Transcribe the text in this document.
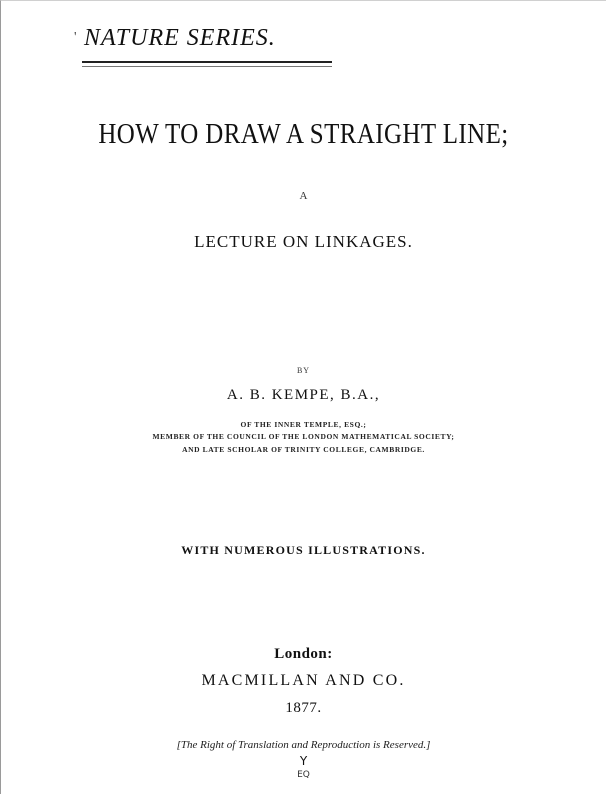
' NATURE SERIES.
HOW TO DRAW A STRAIGHT LINE;
A
LECTURE ON LINKAGES.
BY
A. B. KEMPE, B.A.,
OF THE INNER TEMPLE, ESQ.;
MEMBER OF THE COUNCIL OF THE LONDON MATHEMATICAL SOCIETY;
AND LATE SCHOLAR OF TRINITY COLLEGE, CAMBRIDGE.
WITH NUMEROUS ILLUSTRATIONS.
London:
MACMILLAN AND CO.
1877.
[The Right of Translation and Reproduction is Reserved.]
Y
EQ
